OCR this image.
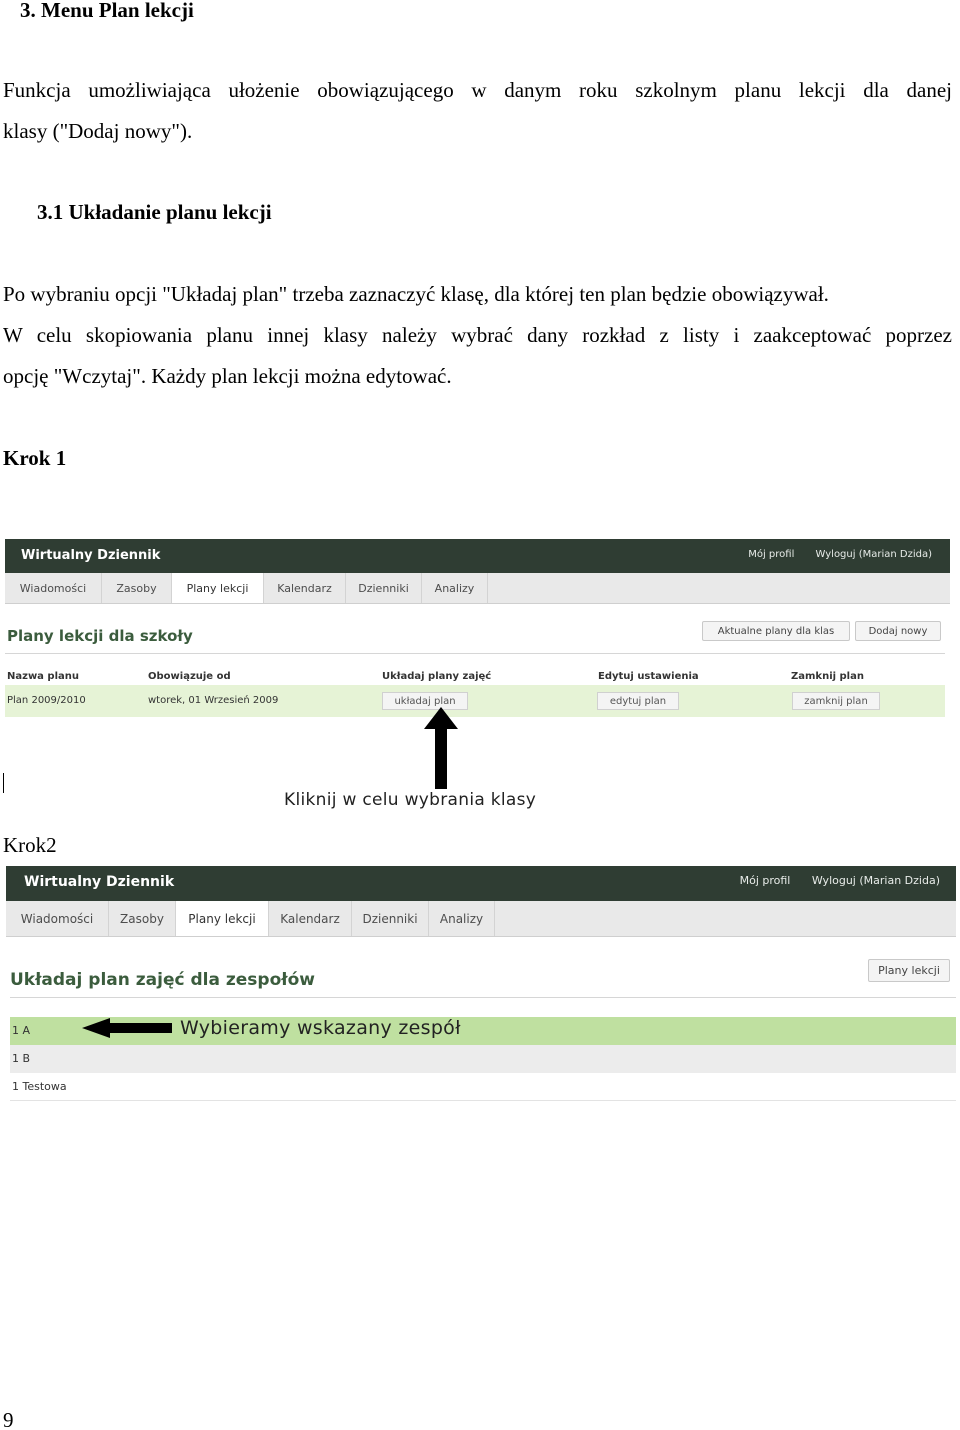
3. Menu Plan lekcji
Funkcja umożliwiająca ułożenie obowiązującego w danym roku szkolnym planu lekcji dla danej
klasy ("Dodaj nowy").
3.1 Układanie planu lekcji
Po wybraniu opcji "Układaj plan" trzeba zaznaczyć klasę, dla której ten plan będzie obowiązywał.
W celu skopiowania planu innej klasy należy wybrać dany rozkład z listy i zaakceptować poprzez
opcję "Wczytaj". Każdy plan lekcji można edytować.
Krok 1
Wirtualny Dziennik	Mój profil Wyloguj (Marian Dzida)
Wiadomości	Zasoby	Plany lekcji	Kalendarz	Dzienniki	Analizy
Plany lekcji dla szkoły	Aktualne plany dla klas	Dodaj nowy
Nazwa planu	Obowiązuje od	Układaj plany zajęć	Edytuj ustawienia	Zamknij plan
Plan 2009/2010	wtorek, 01 Wrzesień 2009	układaj plan	edytuj plan	zamknij plan
Kliknij w celu wybrania klasy
Krok2
Wirtualny Dziennik	Mój profil Wyloguj (Marian Dzida)
Wiadomości	Zasoby	Plany lekcji	Kalendarz	Dzienniki	Analizy
Układaj plan zajęć dla zespołów	Plany lekcji
1 A
1 B
1 Testowa
Wybieramy wskazany zespół
9
